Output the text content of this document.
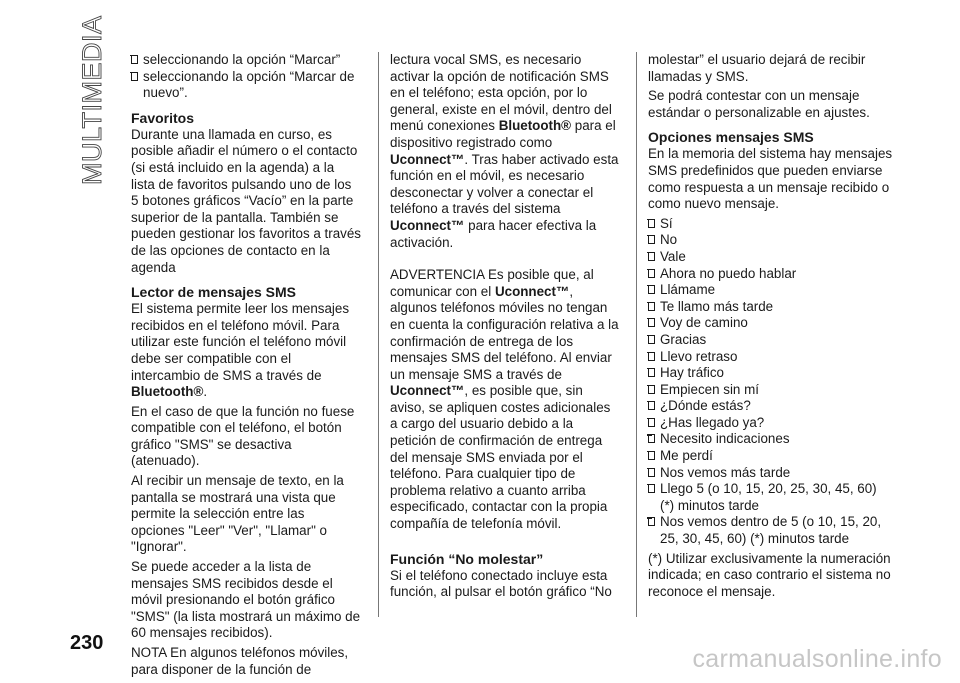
MULTIMEDIA
230
seleccionando la opción “Marcar”
seleccionando la opción “Marcar de nuevo”.
Favoritos

Durante una llamada en curso, es posible añadir el número o el contacto (si está incluido en la agenda) a la lista de favoritos pulsando uno de los 5 botones gráficos “Vacío” en la parte superior de la pantalla. También se pueden gestionar los favoritos a través de las opciones de contacto en la agenda

Lector de mensajes SMS

El sistema permite leer los mensajes recibidos en el teléfono móvil. Para utilizar este función el teléfono móvil debe ser compatible con el intercambio de SMS a través de Bluetooth®.

En el caso de que la función no fuese compatible con el teléfono, el botón gráfico "SMS" se desactiva (atenuado).

Al recibir un mensaje de texto, en la pantalla se mostrará una vista que permite la selección entre las opciones "Leer" "Ver", "Llamar" o "Ignorar".

Se puede acceder a la lista de mensajes SMS recibidos desde el móvil presionando el botón gráfico "SMS" (la lista mostrará un máximo de 60 mensajes recibidos).

NOTA En algunos teléfonos móviles, para disponer de la función de

lectura vocal SMS, es necesario activar la opción de notificación SMS en el teléfono; esta opción, por lo general, existe en el móvil, dentro del menú conexiones Bluetooth® para el dispositivo registrado como Uconnect™. Tras haber activado esta función en el móvil, es necesario desconectar y volver a conectar el teléfono a través del sistema Uconnect™ para hacer efectiva la activación.

ADVERTENCIA Es posible que, al comunicar con el Uconnect™, algunos teléfonos móviles no tengan en cuenta la configuración relativa a la confirmación de entrega de los mensajes SMS del teléfono. Al enviar un mensaje SMS a través de Uconnect™, es posible que, sin aviso, se apliquen costes adicionales a cargo del usuario debido a la petición de confirmación de entrega del mensaje SMS enviada por el teléfono. Para cualquier tipo de problema relativo a cuanto arriba especificado, contactar con la propia compañía de telefonía móvil.

Función “No molestar”

Si el teléfono conectado incluye esta función, al pulsar el botón gráfico “No

molestar” el usuario dejará de recibir llamadas y SMS.

Se podrá contestar con un mensaje estándar o personalizable en ajustes.

Opciones mensajes SMS

En la memoria del sistema hay mensajes SMS predefinidos que pueden enviarse como respuesta a un mensaje recibido o como nuevo mensaje.

Sí
No
Vale
Ahora no puedo hablar
Llámame
Te llamo más tarde
Voy de camino
Gracias
Llevo retraso
Hay tráfico
Empiecen sin mí
¿Dónde estás?
¿Has llegado ya?
Necesito indicaciones
Me perdí
Nos vemos más tarde
Llego 5 (o 10, 15, 20, 25, 30, 45, 60) (*) minutos tarde
Nos vemos dentro de 5 (o 10, 15, 20, 25, 30, 45, 60) (*) minutos tarde

(*) Utilizar exclusivamente la numeración indicada; en caso contrario el sistema no reconoce el mensaje.

carmanualsonline.info
